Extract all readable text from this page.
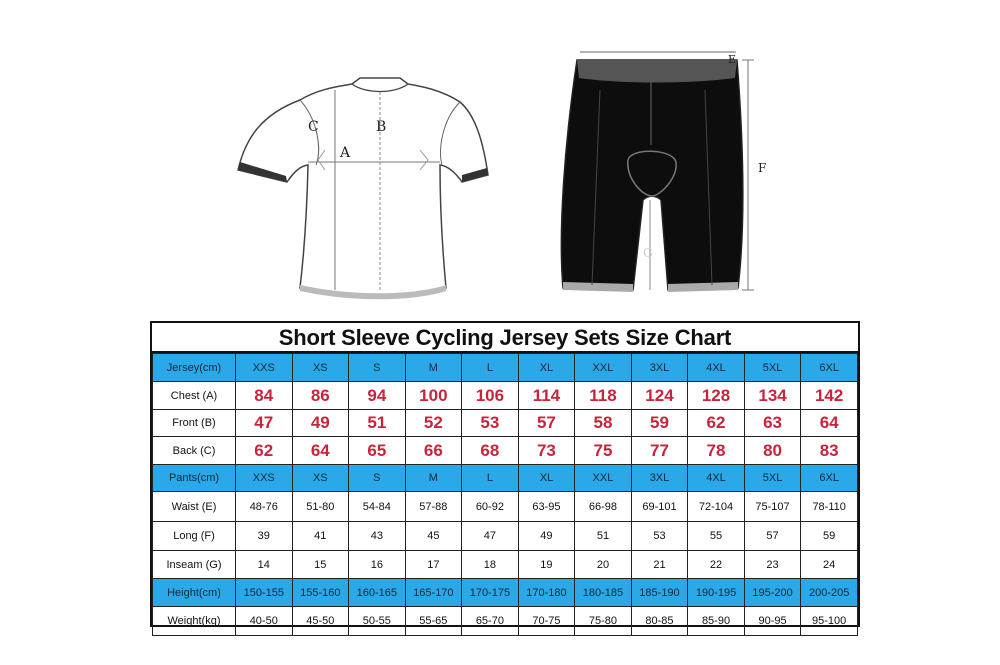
C	B
A
E
F
G
Short Sleeve Cycling Jersey Sets Size Chart
Jersey(cm)	XXS	XS	S	M	L	XL	XXL	3XL	4XL	5XL	6XL
Chest (A)	84	86	94	100	106	114	118	124	128	134	142
Front (B)	47	49	51	52	53	57	58	59	62	63	64
Back (C)	62	64	65	66	68	73	75	77	78	80	83
Pants(cm)	XXS	XS	S	M	L	XL	XXL	3XL	4XL	5XL	6XL
Waist (E)	48-76	51-80	54-84	57-88	60-92	63-95	66-98	69-101	72-104	75-107	78-110
Long (F)	39	41	43	45	47	49	51	53	55	57	59
Inseam (G)	14	15	16	17	18	19	20	21	22	23	24
Height(cm)	150-155	155-160	160-165	165-170	170-175	170-180	180-185	185-190	190-195	195-200	200-205
Weight(kg)	40-50	45-50	50-55	55-65	65-70	70-75	75-80	80-85	85-90	90-95	95-100
